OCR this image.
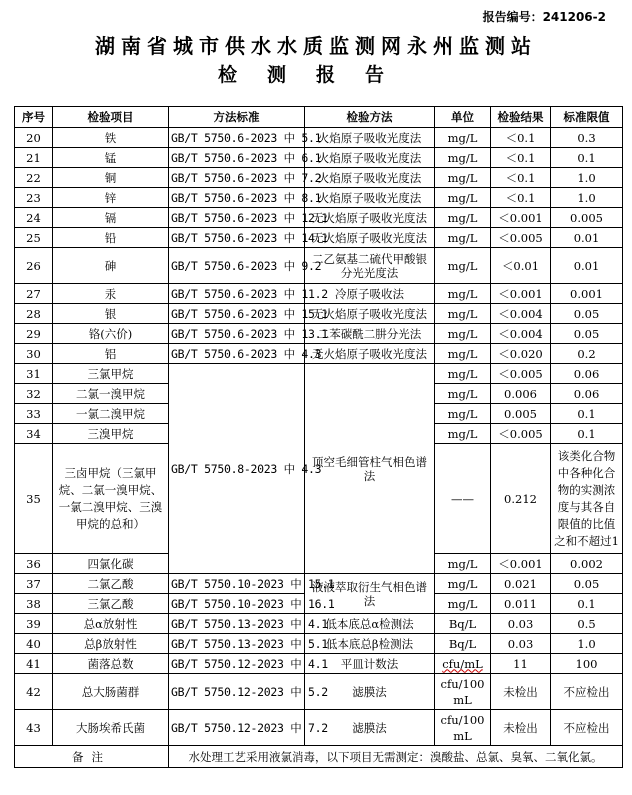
报告编号：241206-2
湖南省城市供水水质监测网永州监测站
检测报告
序号	检验项目	方法标准	检验方法	单位	检验结果	标准限值
20	铁	GB/T 5750.6-2023 中 5.1	火焰原子吸收光度法	mg/L	＜0.1	0.3
21	锰	GB/T 5750.6-2023 中 6.1	火焰原子吸收光度法	mg/L	＜0.1	0.1
22	铜	GB/T 5750.6-2023 中 7.2	火焰原子吸收光度法	mg/L	＜0.1	1.0
23	锌	GB/T 5750.6-2023 中 8.1	火焰原子吸收光度法	mg/L	＜0.1	1.0
24	镉	GB/T 5750.6-2023 中 12.1	无火焰原子吸收光度法	mg/L	＜0.001	0.005
25	铅	GB/T 5750.6-2023 中 14.1	无火焰原子吸收光度法	mg/L	＜0.005	0.01
26	砷	GB/T 5750.6-2023 中 9.2	二乙氨基二硫代甲酸银分光光度法	mg/L	＜0.01	0.01
27	汞	GB/T 5750.6-2023 中 11.2	冷原子吸收法	mg/L	＜0.001	0.001
28	银	GB/T 5750.6-2023 中 15.1	无火焰原子吸收光度法	mg/L	＜0.004	0.05
29	铬(六价)	GB/T 5750.6-2023 中 13.1	二苯碳酰二肼分光法	mg/L	＜0.004	0.05
30	铝	GB/T 5750.6-2023 中 4.3	无火焰原子吸收光度法	mg/L	＜0.020	0.2
31	三氯甲烷	GB/T 5750.8-2023 中 4.3	顶空毛细管柱气相色谱法	mg/L	＜0.005	0.06
32	二氯一溴甲烷			mg/L	0.006	0.06
33	一氯二溴甲烷			mg/L	0.005	0.1
34	三溴甲烷			mg/L	＜0.005	0.1
35	三卤甲烷（三氯甲烷、二氯一溴甲烷、一氯二溴甲烷、三溴甲烷的总和）			——	0.212	该类化合物中各种化合物的实测浓度与其各自限值的比值之和不超过1
36	四氯化碳			mg/L	＜0.001	0.002
37	二氯乙酸	GB/T 5750.10-2023 中 15.1	液液萃取衍生气相色谱法	mg/L	0.021	0.05
38	三氯乙酸	GB/T 5750.10-2023 中 16.1		mg/L	0.011	0.1
39	总α放射性	GB/T 5750.13-2023 中 4.1	低本底总α检测法	Bq/L	0.03	0.5
40	总β放射性	GB/T 5750.13-2023 中 5.1	低本底总β检测法	Bq/L	0.03	1.0
41	菌落总数	GB/T 5750.12-2023 中 4.1	平皿计数法	cfu/mL	11	100
42	总大肠菌群	GB/T 5750.12-2023 中 5.2	滤膜法	cfu/100mL	未检出	不应检出
43	大肠埃希氏菌	GB/T 5750.12-2023 中 7.2	滤膜法	cfu/100mL	未检出	不应检出
备注		水处理工艺采用液氯消毒，以下项目无需测定：溴酸盐、总氯、臭氧、二氧化氯。				
